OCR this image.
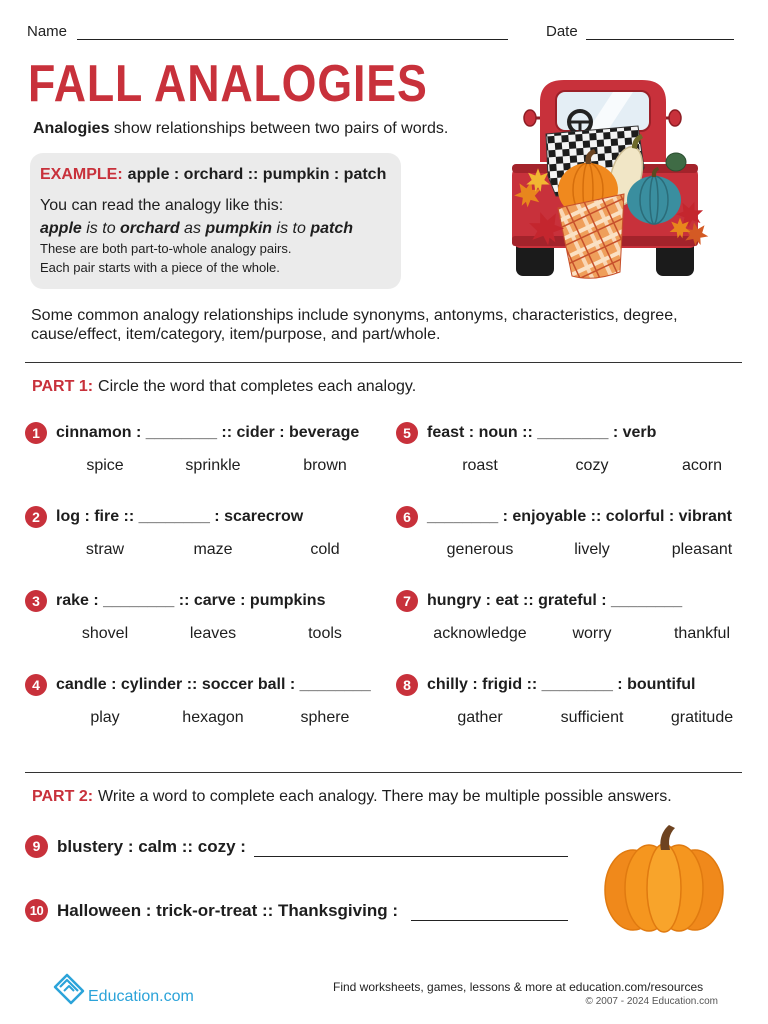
Name	Date
FALL ANALOGIES
Analogies show relationships between two pairs of words.
EXAMPLE: apple : orchard :: pumpkin : patch
You can read the analogy like this:
apple is to orchard as pumpkin is to patch
These are both part-to-whole analogy pairs.
Each pair starts with a piece of the whole.
Some common analogy relationships include synonyms, antonyms, characteristics, degree,
cause/effect, item/category, item/purpose, and part/whole.
PART 1: Circle the word that completes each analogy.
1	cinnamon : ________ :: cider : beverage
spice	sprinkle	brown
2	log : fire :: ________ : scarecrow
straw	maze	cold
3	rake : ________ :: carve : pumpkins
shovel	leaves	tools
4	candle : cylinder :: soccer ball : ________
play	hexagon	sphere
5	feast : noun :: ________ : verb
roast	cozy	acorn
6	________ : enjoyable :: colorful : vibrant
generous	lively	pleasant
7	hungry : eat :: grateful : ________
acknowledge	worry	thankful
8	chilly : frigid :: ________ : bountiful
gather	sufficient	gratitude
PART 2: Write a word to complete each analogy. There may be multiple possible answers.
9 blustery : calm :: cozy :
10 Halloween : trick-or-treat :: Thanksgiving :
Education.com
Find worksheets, games, lessons & more at education.com/resources
© 2007 - 2024 Education.com
